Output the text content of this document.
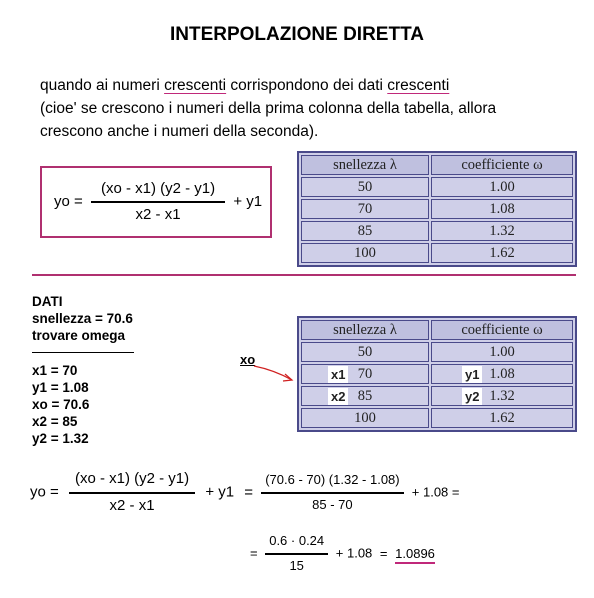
INTERPOLAZIONE DIRETTA
quando ai numeri crescenti corrispondono dei dati crescenti
(cioe' se crescono i numeri della prima colonna della tabella, allora
crescono anche i numeri della seconda).
yo = $\frac{(xo - x1) (y2 - y1)}{x2 - x1} + y1$
snellezza λ	coefficiente ω
50	1.00
70	1.08
85	1.32
100	1.62
DATI
snellezza = 70.6
trovare omega
x1 = 70
y1 = 1.08
xo = 70.6
x2 = 85
y2 = 1.32
xo
snellezza λ	coefficiente ω
50	1.00

x1 70	y1 1.08

x2 85	y2 1.32
100	1.62
yo = $\frac{(xo - x1) (y2 - y1)}{x2 - x1} + y1 = \frac{(70.6 - 70) (1.32 - 1.08)}{85 - 70} + 1.08$ =
= $\frac{0.6 \cdot 0.24}{15} + 1.08 = 1.0896$
